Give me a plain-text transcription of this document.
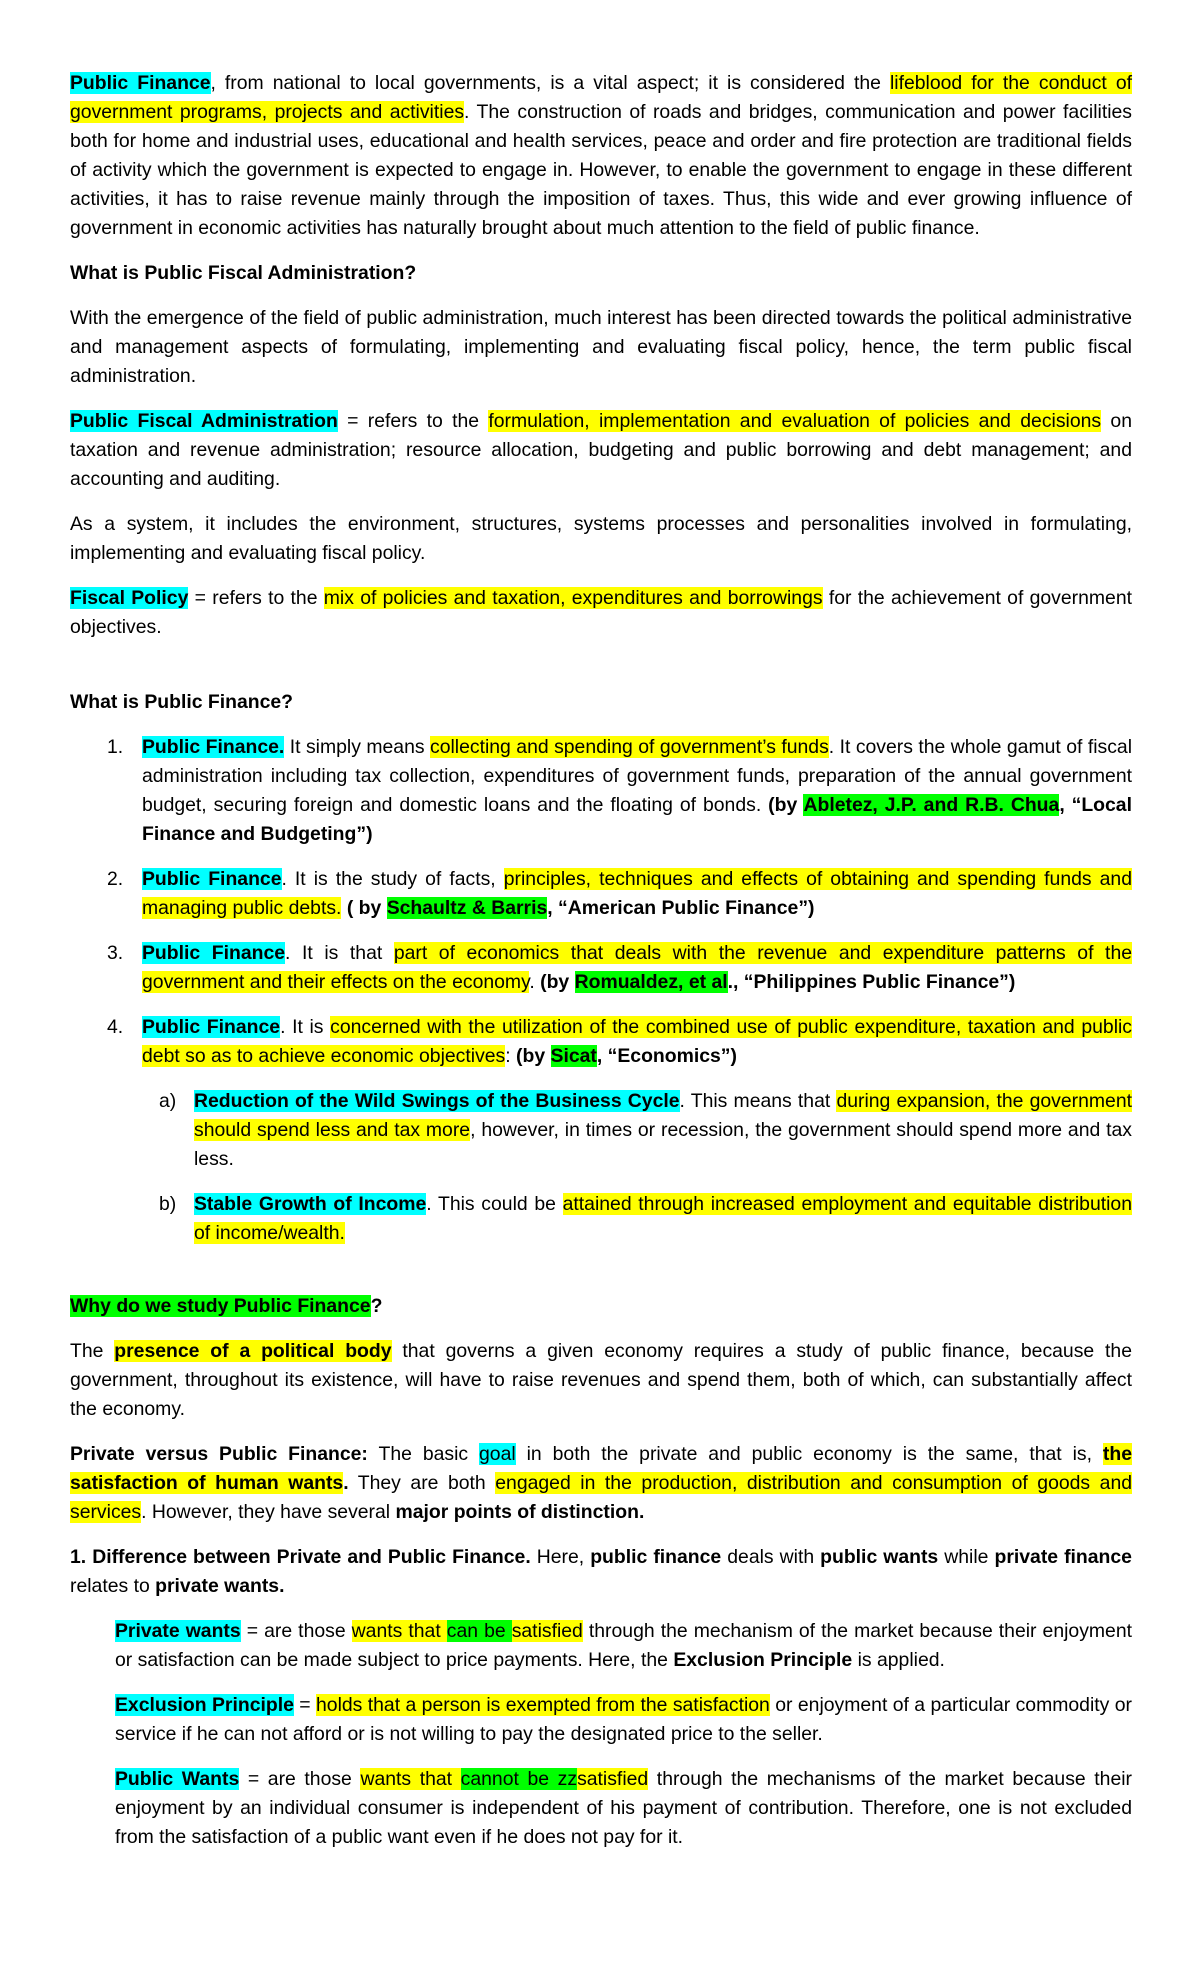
Public Finance, from national to local governments, is a vital aspect; it is considered the lifeblood for the conduct of government programs, projects and activities. The construction of roads and bridges, communication and power facilities both for home and industrial uses, educational and health services, peace and order and fire protection are traditional fields of activity which the government is expected to engage in. However, to enable the government to engage in these different activities, it has to raise revenue mainly through the imposition of taxes. Thus, this wide and ever growing influence of government in economic activities has naturally brought about much attention to the field of public finance.

What is Public Fiscal Administration?

With the emergence of the field of public administration, much interest has been directed towards the political administrative and management aspects of formulating, implementing and evaluating fiscal policy, hence, the term public fiscal administration.

Public Fiscal Administration = refers to the formulation, implementation and evaluation of policies and decisions on taxation and revenue administration; resource allocation, budgeting and public borrowing and debt management; and accounting and auditing.

As a system, it includes the environment, structures, systems processes and personalities involved in formulating, implementing and evaluating fiscal policy.

Fiscal Policy = refers to the mix of policies and taxation, expenditures and borrowings for the achievement of government objectives.

What is Public Finance?
1. Public Finance. It simply means collecting and spending of government’s funds. It covers the whole gamut of fiscal administration including tax collection, expenditures of government funds, preparation of the annual government budget, securing foreign and domestic loans and the floating of bonds. (by Abletez, J.P. and R.B. Chua, “Local Finance and Budgeting”)
2. Public Finance. It is the study of facts, principles, techniques and effects of obtaining and spending funds and managing public debts. ( by Schaultz & Barris, “American Public Finance”)
3. Public Finance. It is that part of economics that deals with the revenue and expenditure patterns of the government and their effects on the economy. (by Romualdez, et al., “Philippines Public Finance”)
4. Public Finance. It is concerned with the utilization of the combined use of public expenditure, taxation and public debt so as to achieve economic objectives: (by Sicat, “Economics”)
a) Reduction of the Wild Swings of the Business Cycle. This means that during expansion, the government should spend less and tax more, however, in times or recession, the government should spend more and tax less.
b) Stable Growth of Income. This could be attained through increased employment and equitable distribution of income/wealth.
Why do we study Public Finance?

The presence of a political body that governs a given economy requires a study of public finance, because the government, throughout its existence, will have to raise revenues and spend them, both of which, can substantially affect the economy.

Private versus Public Finance: The basic goal in both the private and public economy is the same, that is, the satisfaction of human wants. They are both engaged in the production, distribution and consumption of goods and services. However, they have several major points of distinction.

1. Difference between Private and Public Finance. Here, public finance deals with public wants while private finance relates to private wants.

Private wants = are those wants that can be satisfied through the mechanism of the market because their enjoyment or satisfaction can be made subject to price payments. Here, the Exclusion Principle is applied.

Exclusion Principle = holds that a person is exempted from the satisfaction or enjoyment of a particular commodity or service if he can not afford or is not willing to pay the designated price to the seller.

Public Wants = are those wants that cannot be zzsatisfied through the mechanisms of the market because their enjoyment by an individual consumer is independent of his payment of contribution. Therefore, one is not excluded from the satisfaction of a public want even if he does not pay for it.
